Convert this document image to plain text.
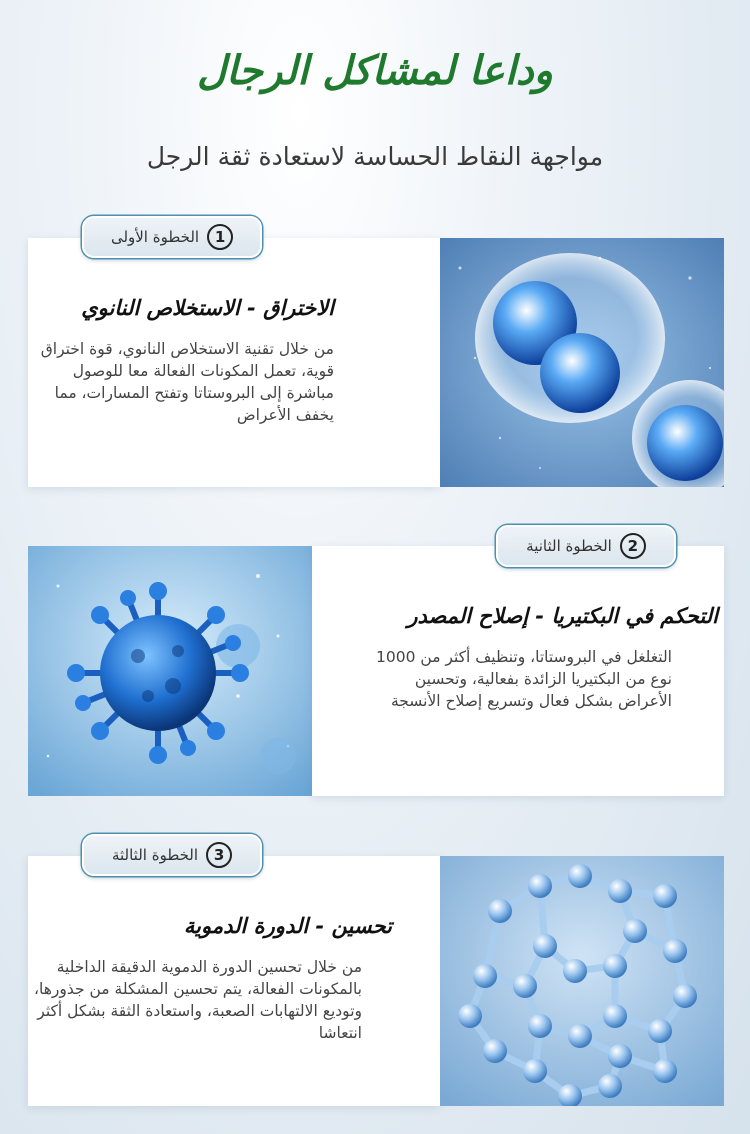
وداعا لمشاكل الرجال
مواجهة النقاط الحساسة لاستعادة ثقة الرجل
الاختراق - الاستخلاص النانوي
من خلال تقنية الاستخلاص النانوي، قوة اختراق قوية، تعمل المكونات الفعالة معا للوصول مباشرة إلى البروستاتا وتفتح المسارات، مما يخفف الأعراض
1
الخطوة الأولى
التحكم في البكتيريا - إصلاح المصدر
التغلغل في البروستاتا، وتنظيف أكثر من 1000 نوع من البكتيريا الزائدة بفعالية، وتحسين الأعراض بشكل فعال وتسريع إصلاح الأنسجة
2
الخطوة الثانية
تحسين - الدورة الدموية
من خلال تحسين الدورة الدموية الدقيقة الداخلية بالمكونات الفعالة، يتم تحسين المشكلة من جذورها، وتوديع الالتهابات الصعبة، واستعادة الثقة بشكل أكثر انتعاشا
3
الخطوة الثالثة
